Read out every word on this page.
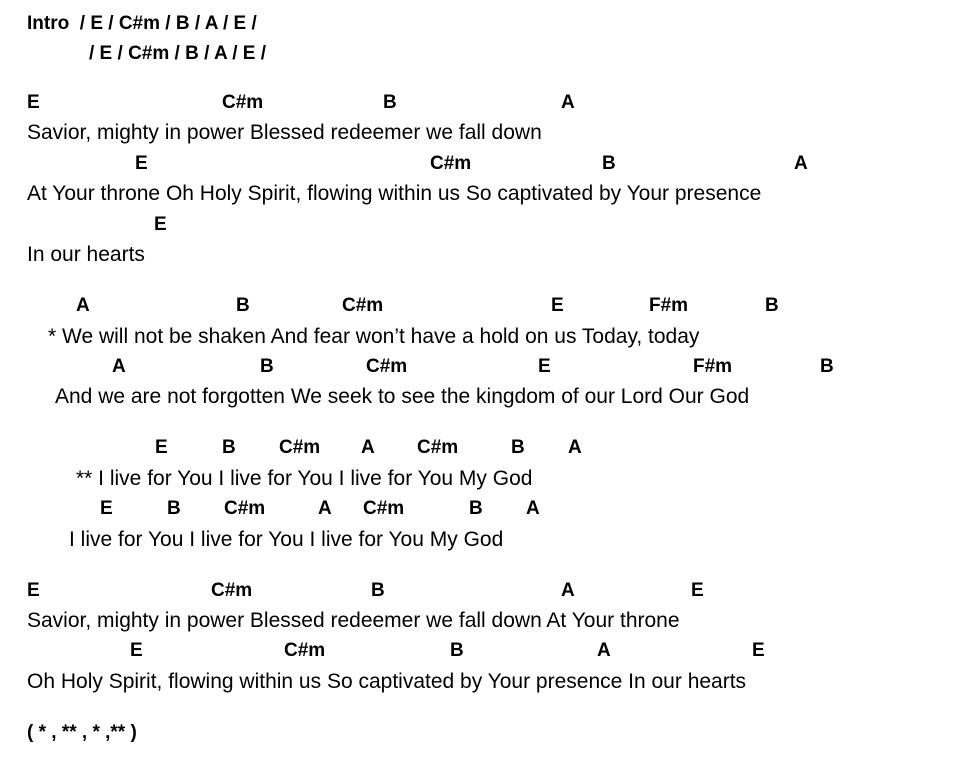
Intro  / E / C#m / B / A / E /
/ E / C#m / B / A / E /
E	C#m	B	A
Savior, mighty in power Blessed redeemer we fall down
E	C#m	B	A
At Your throne Oh Holy Spirit, flowing within us So captivated by Your presence
E
In our hearts
A	B	C#m	E	F#m	B
* We will not be shaken And fear won’t have a hold on us Today, today
A	B	C#m	E	F#m	B
And we are not forgotten We seek to see the kingdom of our Lord Our God
E	B C#m A C#m	B A
** I live for You I live for You I live for You My God
E	B C#m	A C#m	B A
I live for You I live for You I live for You My God
E	C#m	B	A	E
Savior, mighty in power Blessed redeemer we fall down At Your throne
E	C#m	B	A	E
Oh Holy Spirit, flowing within us So captivated by Your presence In our hearts
( * , ** , * ,** )
